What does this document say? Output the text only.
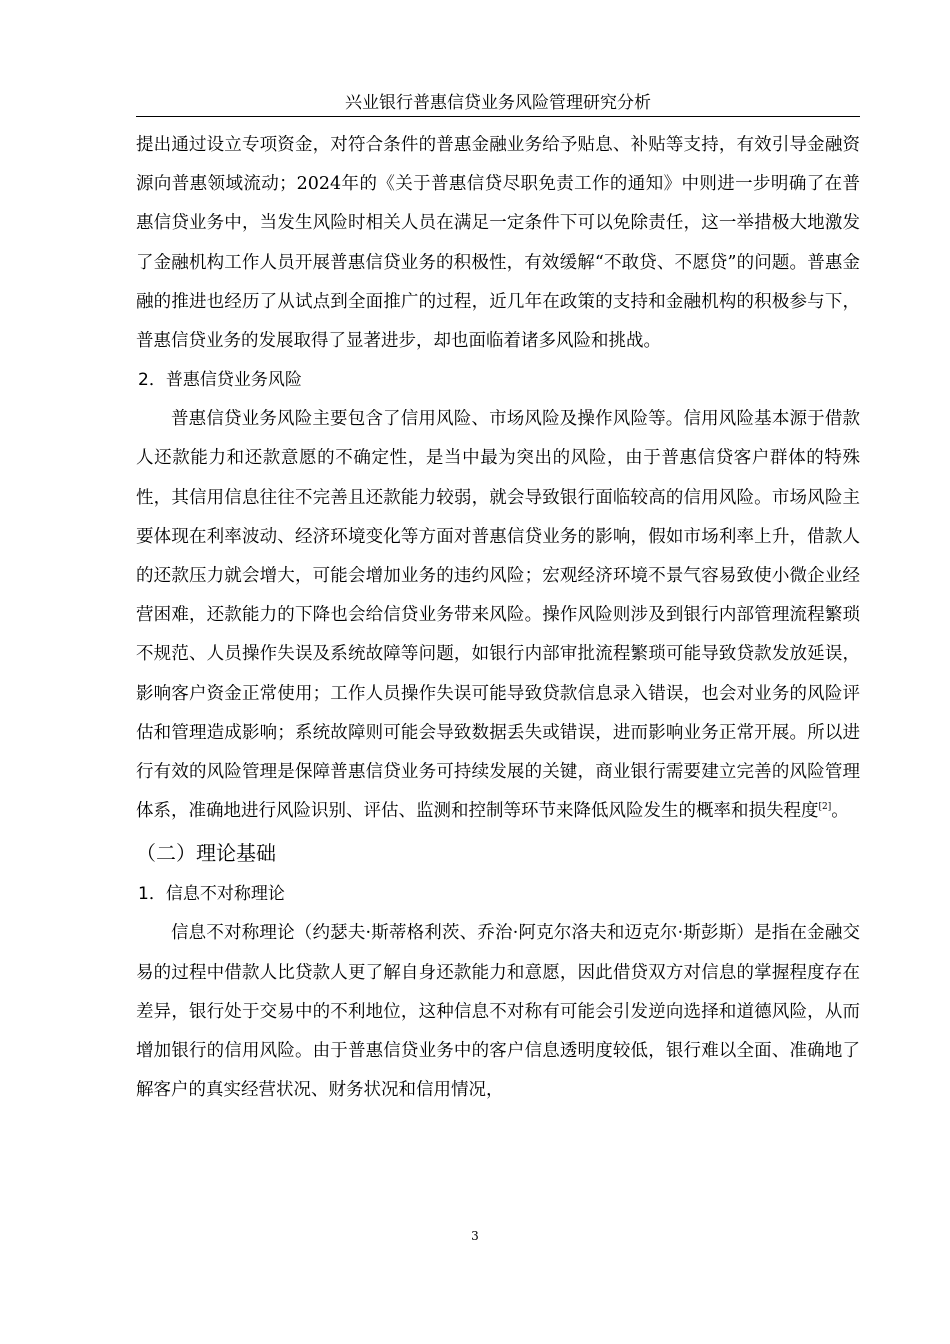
兴业银行普惠信贷业务风险管理研究分析

提出通过设立专项资金，对符合条件的普惠金融业务给予贴息、补贴等支持，有效引导金融资源向普惠领域流动；2024年的《关于普惠信贷尽职免责工作的通知》中则进一步明确了在普惠信贷业务中，当发生风险时相关人员在满足一定条件下可以免除责任，这一举措极大地激发了金融机构工作人员开展普惠信贷业务的积极性，有效缓解“不敢贷、不愿贷”的问题。普惠金融的推进也经历了从试点到全面推广的过程，近几年在政策的支持和金融机构的积极参与下，普惠信贷业务的发展取得了显著进步，却也面临着诸多风险和挑战。

2．普惠信贷业务风险

普惠信贷业务风险主要包含了信用风险、市场风险及操作风险等。信用风险基本源于借款人还款能力和还款意愿的不确定性，是当中最为突出的风险，由于普惠信贷客户群体的特殊性，其信用信息往往不完善且还款能力较弱，就会导致银行面临较高的信用风险。市场风险主要体现在利率波动、经济环境变化等方面对普惠信贷业务的影响，假如市场利率上升，借款人的还款压力就会增大，可能会增加业务的违约风险；宏观经济环境不景气容易致使小微企业经营困难，还款能力的下降也会给信贷业务带来风险。操作风险则涉及到银行内部管理流程繁琐不规范、人员操作失误及系统故障等问题，如银行内部审批流程繁琐可能导致贷款发放延误，影响客户资金正常使用；工作人员操作失误可能导致贷款信息录入错误，也会对业务的风险评估和管理造成影响；系统故障则可能会导致数据丢失或错误，进而影响业务正常开展。所以进行有效的风险管理是保障普惠信贷业务可持续发展的关键，商业银行需要建立完善的风险管理体系，准确地进行风险识别、评估、监测和控制等环节来降低风险发生的概率和损失程度[2]。

（二）理论基础
1．信息不对称理论

信息不对称理论（约瑟夫·斯蒂格利茨、乔治·阿克尔洛夫和迈克尔·斯彭斯）是指在金融交易的过程中借款人比贷款人更了解自身还款能力和意愿，因此借贷双方对信息的掌握程度存在差异，银行处于交易中的不利地位，这种信息不对称有可能会引发逆向选择和道德风险，从而增加银行的信用风险。由于普惠信贷业务中的客户信息透明度较低，银行难以全面、准确地了解客户的真实经营状况、财务状况和信用情况，

3
